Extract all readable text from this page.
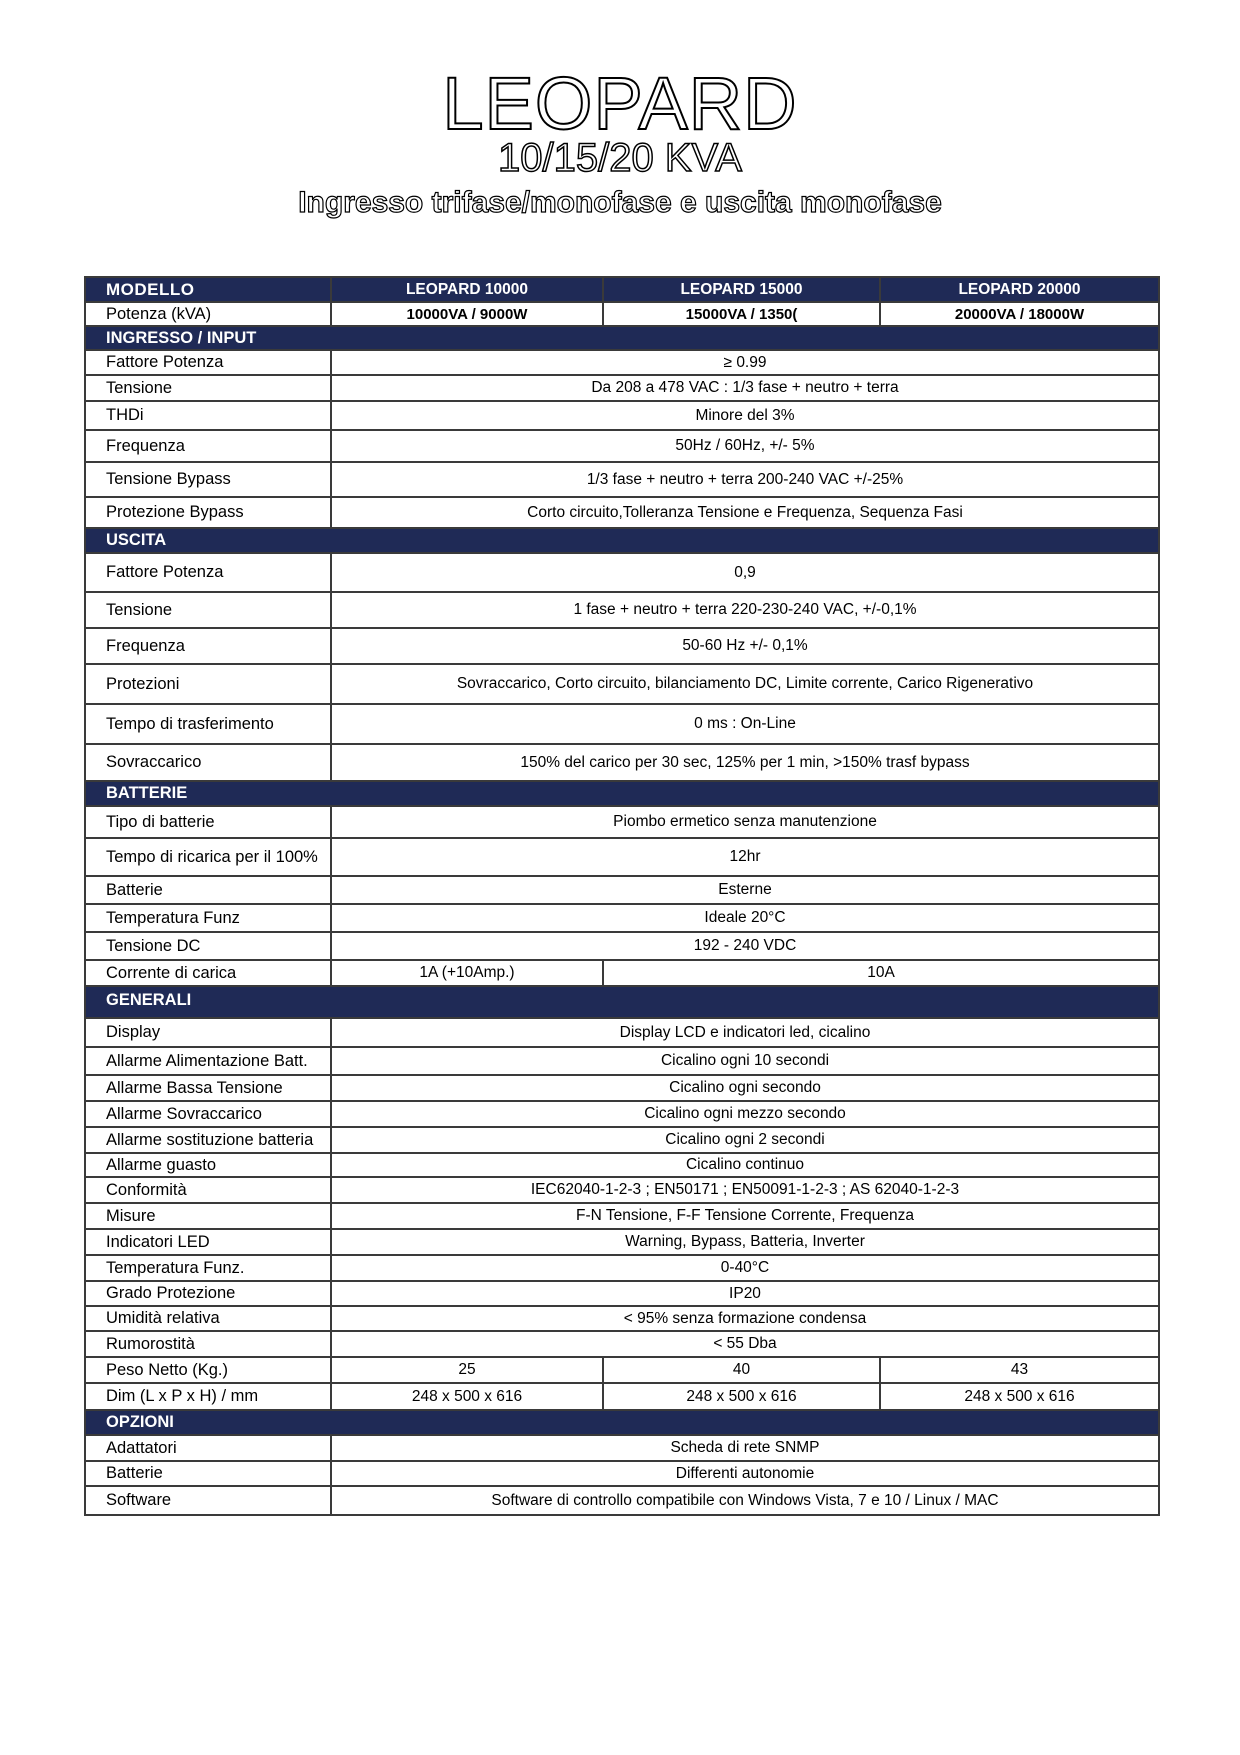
LEOPARD
10/15/20 KVA
Ingresso trifase/monofase e uscita monofase
MODELLO	LEOPARD 10000	LEOPARD 15000	LEOPARD 20000
Potenza (kVA)	10000VA / 9000W	15000VA / 1350(	20000VA / 18000W
INGRESSO / INPUT			
Fattore Potenza	≥ 0.99		
Tensione	Da 208 a 478 VAC : 1/3 fase + neutro + terra		
THDi	Minore del 3%		
Frequenza	50Hz / 60Hz, +/- 5%		
Tensione Bypass	1/3 fase + neutro + terra 200-240 VAC +/-25%		
Protezione Bypass	Corto circuito,Tolleranza Tensione e Frequenza, Sequenza Fasi		
USCITA			
Fattore Potenza	0,9		
Tensione	1 fase + neutro + terra 220-230-240 VAC, +/-0,1%		
Frequenza	50-60 Hz +/- 0,1%		
Protezioni	Sovraccarico, Corto circuito, bilanciamento DC, Limite corrente, Carico Rigenerativo		
Tempo di trasferimento	0 ms : On-Line		
Sovraccarico	150% del carico per 30 sec, 125% per 1 min, >150% trasf bypass		
BATTERIE			
Tipo di batterie	Piombo ermetico senza manutenzione		
Tempo di ricarica per il 100%	12hr		
Batterie	Esterne		
Temperatura Funz	Ideale 20°C		
Tensione DC	192 - 240 VDC		
Corrente di carica	1A (+10Amp.)	10A	
GENERALI			
Display	Display LCD e indicatori led, cicalino		
Allarme Alimentazione Batt.	Cicalino ogni 10 secondi		
Allarme Bassa Tensione	Cicalino ogni secondo		
Allarme Sovraccarico	Cicalino ogni mezzo secondo		
Allarme sostituzione batteria	Cicalino ogni 2 secondi		
Allarme guasto	Cicalino continuo		
Conformità	IEC62040-1-2-3 ; EN50171 ; EN50091-1-2-3 ; AS 62040-1-2-3		
Misure	F-N Tensione, F-F Tensione Corrente, Frequenza		
Indicatori LED	Warning, Bypass, Batteria, Inverter		
Temperatura Funz.	0-40°C		
Grado Protezione	IP20		
Umidità relativa	< 95% senza formazione condensa		
Rumorostità	< 55 Dba		
Peso Netto (Kg.)	25	40	43
Dim (L x P x H) / mm	248 x 500 x 616	248 x 500 x 616	248 x 500 x 616
OPZIONI			
Adattatori	Scheda di rete SNMP		
Batterie	Differenti autonomie		
Software	Software di controllo compatibile con Windows Vista, 7 e 10 / Linux / MAC		
